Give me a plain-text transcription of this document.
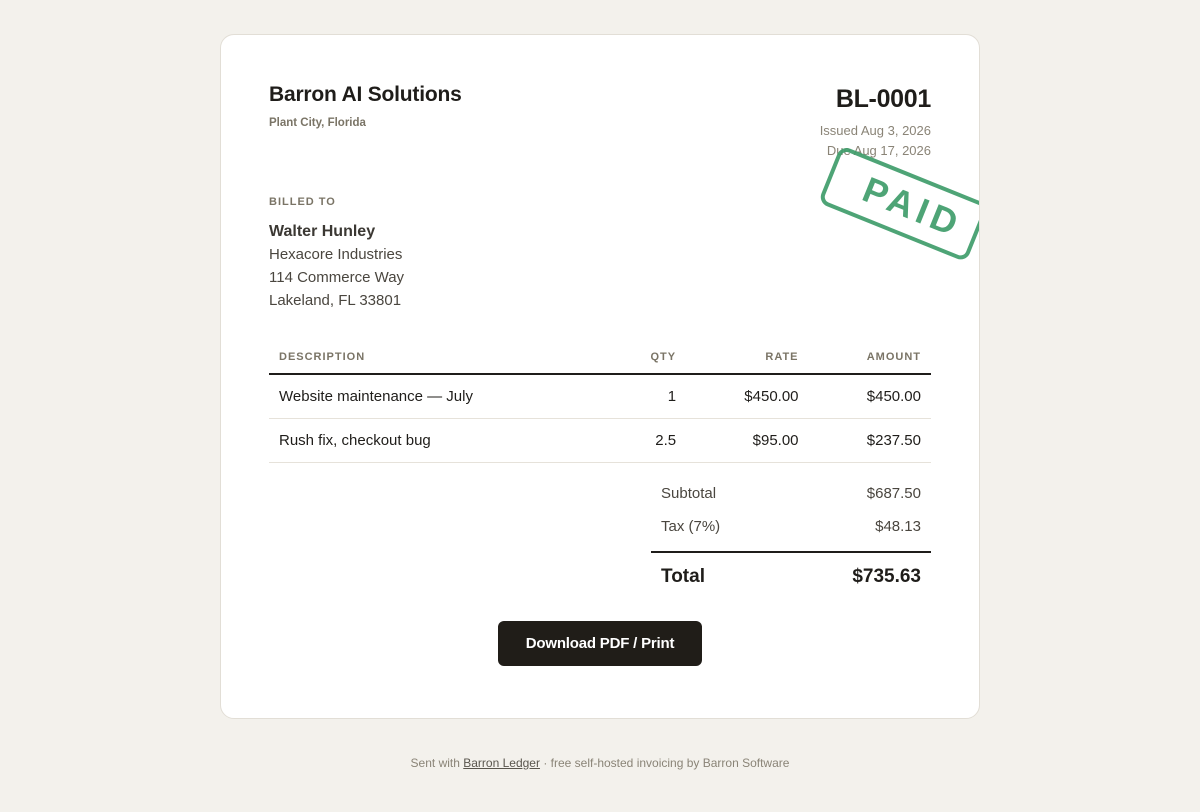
Barron AI Solutions
Plant City, Florida
BL-0001
Issued Aug 3, 2026
Due Aug 17, 2026
PAID
BILLED TO
Walter Hunley
Hexacore Industries
114 Commerce Way
Lakeland, FL 33801
DESCRIPTION	QTY	RATE	AMOUNT
Website maintenance — July	1	$450.00	$450.00
Rush fix, checkout bug	2.5	$95.00	$237.50
Subtotal	$687.50
Tax (7%)	$48.13
Total	$735.63
Download PDF / Print
Sent with Barron Ledger · free self-hosted invoicing by Barron Software
